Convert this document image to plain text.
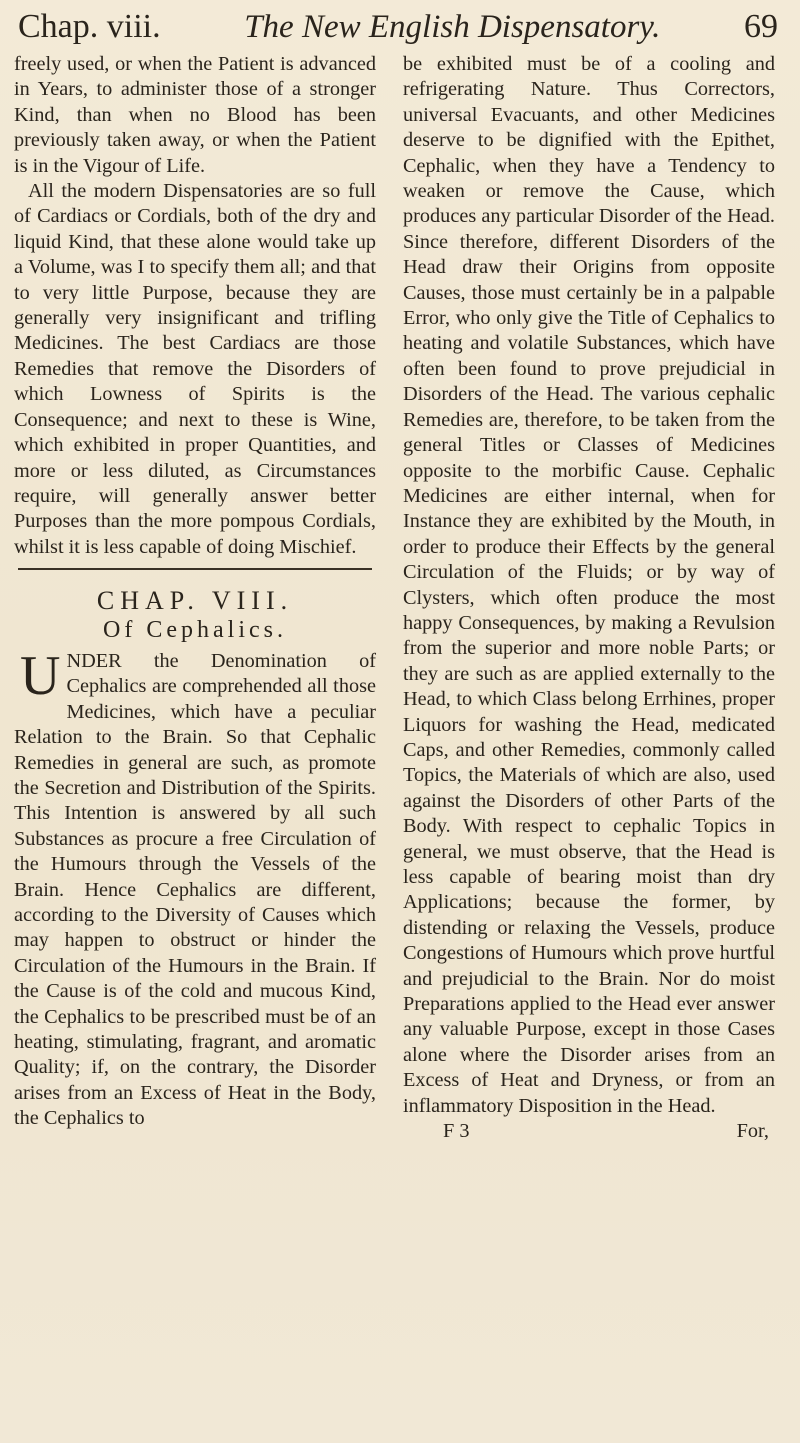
Chap. viii.	The New English Dispensatory. 69

freely used, or when the Patient is advanced in Years, to administer those of a stronger Kind, than when no Blood has been previously taken away, or when the Patient is in the Vigour of Life.

All the modern Dispensatories are so full of Cardiacs or Cordials, both of the dry and liquid Kind, that these alone would take up a Volume, was I to specify them all; and that to very little Purpose, because they are generally very insignificant and trifling Medicines. The best Cardiacs are those Remedies that remove the Disorders of which Lowness of Spirits is the Consequence; and next to these is Wine, which exhibited in proper Quantities, and more or less diluted, as Circumstances require, will generally answer better Purposes than the more pompous Cordials, whilst it is less capable of doing Mischief.

CHAP. VIII.
Of Cephalics.

UNDER the Denomination of Cephalics are comprehended all those Medicines, which have a peculiar Relation to the Brain. So that Cephalic Remedies in general are such, as promote the Secretion and Distribution of the Spirits. This Intention is answered by all such Substances as procure a free Circulation of the Humours through the Vessels of the Brain. Hence Cephalics are different, according to the Diversity of Causes which may happen to obstruct or hinder the Circulation of the Humours in the Brain. If the Cause is of the cold and mucous Kind, the Cephalics to be prescribed must be of an heating, stimulating, fragrant, and aromatic Quality; if, on the contrary, the Disorder arises from an Excess of Heat in the Body, the Cephalics to

be exhibited must be of a cooling and refrigerating Nature. Thus Correctors, universal Evacuants, and other Medicines deserve to be dignified with the Epithet, Cephalic, when they have a Tendency to weaken or remove the Cause, which produces any particular Disorder of the Head. Since therefore, different Disorders of the Head draw their Origins from opposite Causes, those must certainly be in a palpable Error, who only give the Title of Cephalics to heating and volatile Substances, which have often been found to prove prejudicial in Disorders of the Head. The various cephalic Remedies are, therefore, to be taken from the general Titles or Classes of Medicines opposite to the morbific Cause. Cephalic Medicines are either internal, when for Instance they are exhibited by the Mouth, in order to produce their Effects by the general Circulation of the Fluids; or by way of Clysters, which often produce the most happy Consequences, by making a Revulsion from the superior and more noble Parts; or they are such as are applied externally to the Head, to which Class belong Errhines, proper Liquors for washing the Head, medicated Caps, and other Remedies, commonly called Topics, the Materials of which are also, used against the Disorders of other Parts of the Body. With respect to cephalic Topics in general, we must observe, that the Head is less capable of bearing moist than dry Applications; because the former, by distending or relaxing the Vessels, produce Congestions of Humours which prove hurtful and prejudicial to the Brain. Nor do moist Preparations applied to the Head ever answer any valuable Purpose, except in those Cases alone where the Disorder arises from an Excess of Heat and Dryness, or from an inflammatory Disposition in the Head.

F 3	For,
